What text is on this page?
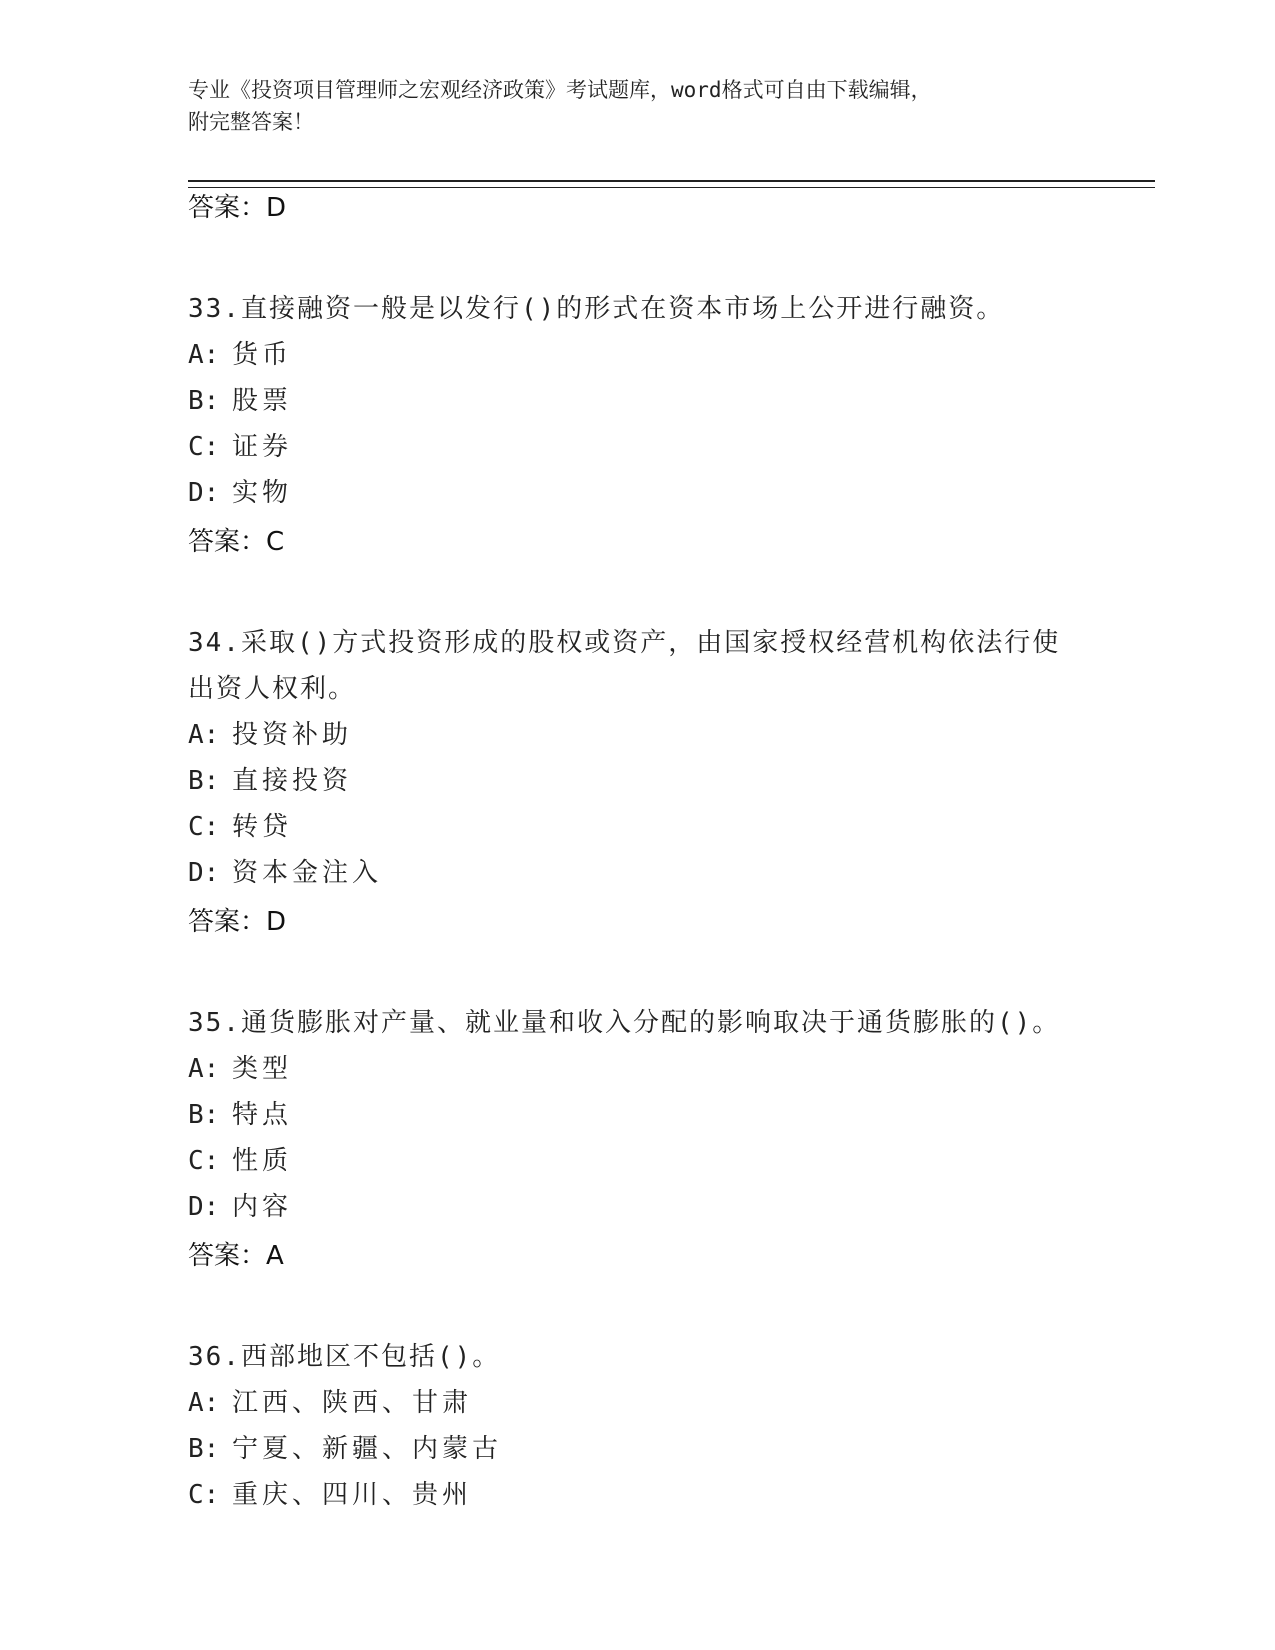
专业《投资项目管理师之宏观经济政策》考试题库，word格式可自由下载编辑，
附完整答案！
答案：D
33.直接融资一般是以发行()的形式在资本市场上公开进行融资。
A: 货币
B: 股票
C: 证券
D: 实物
答案：C
34.采取()方式投资形成的股权或资产，由国家授权经营机构依法行使出资人权利。
A: 投资补助
B: 直接投资
C: 转贷
D: 资本金注入
答案：D
35.通货膨胀对产量、就业量和收入分配的影响取决于通货膨胀的()。
A: 类型
B: 特点
C: 性质
D: 内容
答案：A
36.西部地区不包括()。
A: 江西、陕西、甘肃
B: 宁夏、新疆、内蒙古
C: 重庆、四川、贵州
